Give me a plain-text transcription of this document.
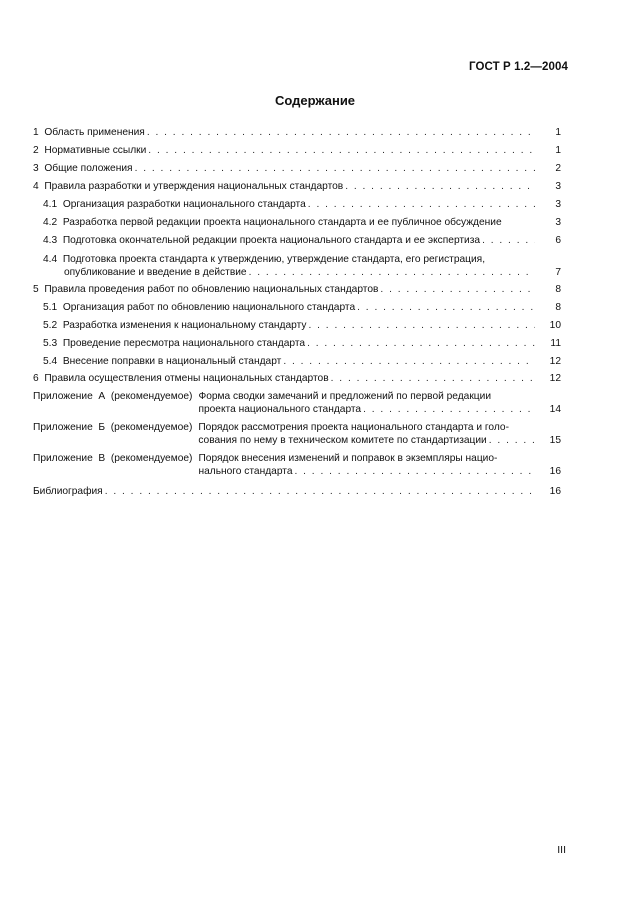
ГОСТ Р 1.2—2004
Содержание
1 Область применения . . .	1
2 Нормативные ссылки . . .	1
3 Общие положения . . .	2
4 Правила разработки и утверждения национальных стандартов . . .	3
4.1 Организация разработки национального стандарта . . .	3
4.2 Разработка первой редакции проекта национального стандарта и ее публичное обсуждение	3
4.3 Подготовка окончательной редакции проекта национального стандарта и ее экспертиза . . .	6
4.4 Подготовка проекта стандарта к утверждению, утверждение стандарта, его регистрация,
опубликование и введение в действие . . .	7
5 Правила проведения работ по обновлению национальных стандартов . . .	8
5.1 Организация работ по обновлению национального стандарта . . .	8
5.2 Разработка изменения к национальному стандарту . . .	10
5.3 Проведение пересмотра национального стандарта . . .	11
5.4 Внесение поправки в национальный стандарт . . .	12
6 Правила осуществления отмены национальных стандартов . . .	12
Приложение  А  (рекомендуемое) Форма сводки замечаний и предложений по первой редакции
проекта национального стандарта . . .	14
Приложение  Б  (рекомендуемое) Порядок рассмотрения проекта национального стандарта и голо-
сования по нему в техническом комитете по стандартизации . . .	15
Приложение  В  (рекомендуемое) Порядок внесения изменений и поправок в экземпляры нацио-
нального стандарта . . .	16
Библиография . . .	16
III
